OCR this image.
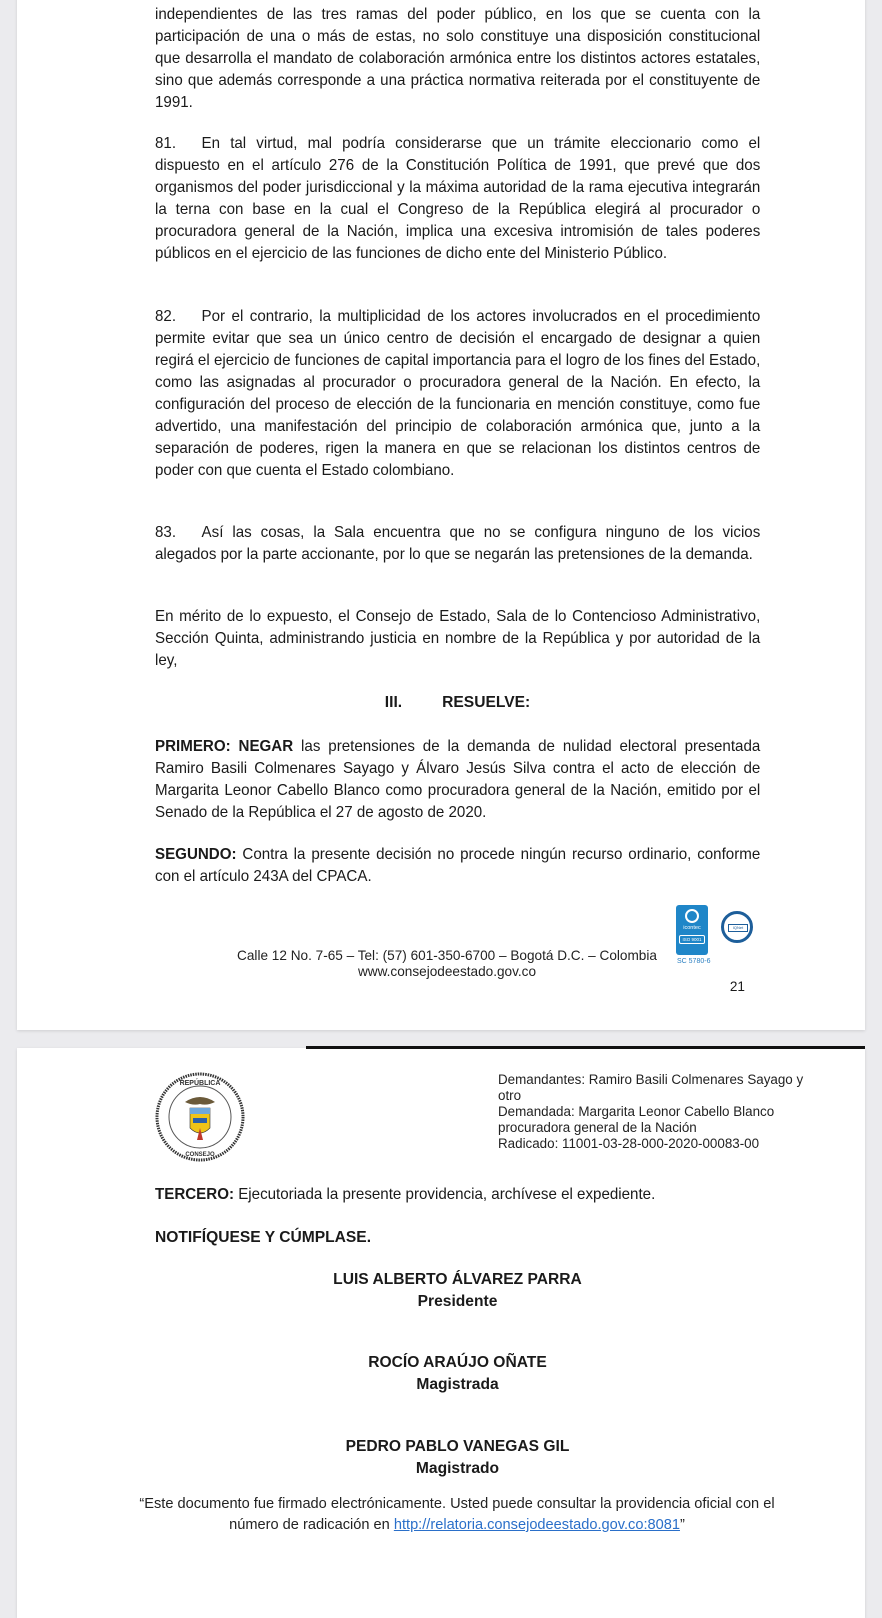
independientes de las tres ramas del poder público, en los que se cuenta con la participación de una o más de estas, no solo constituye una disposición constitucional que desarrolla el mandato de colaboración armónica entre los distintos actores estatales, sino que además corresponde a una práctica normativa reiterada por el constituyente de 1991.

81. En tal virtud, mal podría considerarse que un trámite eleccionario como el dispuesto en el artículo 276 de la Constitución Política de 1991, que prevé que dos organismos del poder jurisdiccional y la máxima autoridad de la rama ejecutiva integrarán la terna con base en la cual el Congreso de la República elegirá al procurador o procuradora general de la Nación, implica una excesiva intromisión de tales poderes públicos en el ejercicio de las funciones de dicho ente del Ministerio Público.

82. Por el contrario, la multiplicidad de los actores involucrados en el procedimiento permite evitar que sea un único centro de decisión el encargado de designar a quien regirá el ejercicio de funciones de capital importancia para el logro de los fines del Estado, como las asignadas al procurador o procuradora general de la Nación. En efecto, la configuración del proceso de elección de la funcionaria en mención constituye, como fue advertido, una manifestación del principio de colaboración armónica que, junto a la separación de poderes, rigen la manera en que se relacionan los distintos centros de poder con que cuenta el Estado colombiano.

83. Así las cosas, la Sala encuentra que no se configura ninguno de los vicios alegados por la parte accionante, por lo que se negarán las pretensiones de la demanda.

En mérito de lo expuesto, el Consejo de Estado, Sala de lo Contencioso Administrativo, Sección Quinta, administrando justicia en nombre de la República y por autoridad de la ley,

III.	RESUELVE:

PRIMERO: NEGAR las pretensiones de la demanda de nulidad electoral presentada Ramiro Basili Colmenares Sayago y Álvaro Jesús Silva contra el acto de elección de Margarita Leonor Cabello Blanco como procuradora general de la Nación, emitido por el Senado de la República el 27 de agosto de 2020.

SEGUNDO: Contra la presente decisión no procede ningún recurso ordinario, conforme con el artículo 243A del CPACA.

icontec
ISO 9001
SC 5780-6
IQNet
Calle 12 No. 7-65 – Tel: (57) 601-350-6700 – Bogotá D.C. – Colombia
www.consejodeestado.gov.co
21
REPÚBLICA
CONSEJO
Demandantes: Ramiro Basili Colmenares Sayago y otro
Demandada: Margarita Leonor Cabello Blanco procuradora general de la Nación
Radicado: 11001-03-28-000-2020-00083-00

TERCERO: Ejecutoriada la presente providencia, archívese el expediente.

NOTIFÍQUESE Y CÚMPLASE.
LUIS ALBERTO ÁLVAREZ PARRA
Presidente
ROCÍO ARAÚJO OÑATE
Magistrada
PEDRO PABLO VANEGAS GIL
Magistrado
“Este documento fue firmado electrónicamente. Usted puede consultar la providencia oficial con el número de radicación en http://relatoria.consejodeestado.gov.co:8081”
